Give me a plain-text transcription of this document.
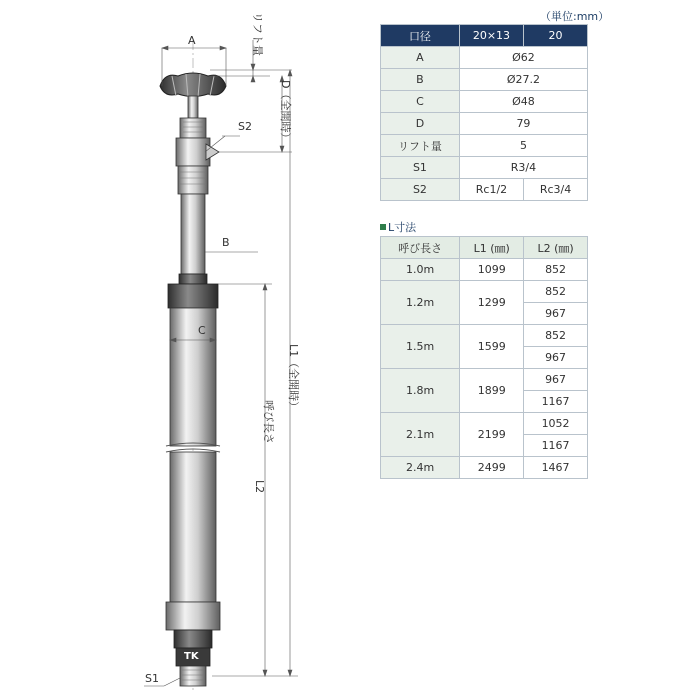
A
B
C
S2
S1
TK
リフト量
D（全開時）
L1（全開時）
呼び長さ
L2
（単位:mm）
口径	20×13	20
A	Ø62	
B	Ø27.2	
C	Ø48	
D	79	
リフト量	5	
S1	R3/4	
S2	Rc1/2	Rc3/4
L寸法
呼び長さ	L1 (㎜)	L2 (㎜)
1.0m	1099	852
1.2m	1299	852
		967
1.5m	1599	852
		967
1.8m	1899	967
		1167
2.1m	2199	1052
		1167
2.4m	2499	1467
